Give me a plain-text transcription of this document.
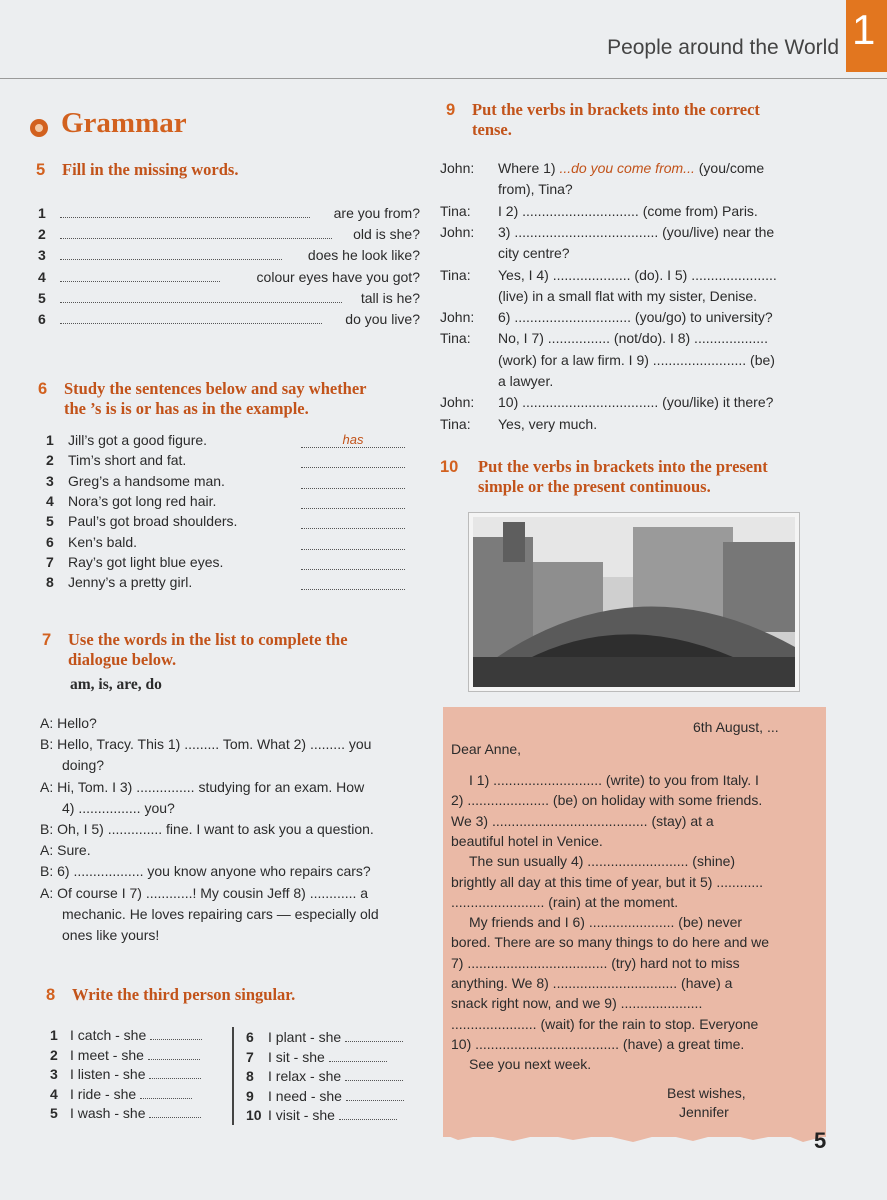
People around the World 1
Grammar
5 Fill in the missing words.
1	are you from?
2	old is she?
3	does he look like?
4	colour eyes have you got?
5	tall is he?
6	do you live?
6 Study the sentences below and say whether
the ’s is is or has as in the example.
1 Jill’s got a good figure.	has
2 Tim’s short and fat.
3 Greg’s a handsome man.
4 Nora’s got long red hair.
5 Paul’s got broad shoulders.
6 Ken’s bald.
7 Ray’s got light blue eyes.
8 Jenny’s a pretty girl.
7 Use the words in the list to complete the
dialogue below.
am, is, are, do
A: Hello?
B: Hello, Tracy. This 1) ......... Tom. What 2) ......... you
doing?
A: Hi, Tom. I 3) ............... studying for an exam. How
4) ................ you?
B: Oh, I 5) .............. fine. I want to ask you a question.
A: Sure.
B: 6) .................. you know anyone who repairs cars?
A: Of course I 7) ............! My cousin Jeff 8) ............ a
mechanic. He loves repairing cars — especially old
ones like yours!
8 Write the third person singular.
1 I catch - she
2 I meet - she
3 I listen - she
4 I ride - she
5 I wash - she
6 I plant - she
7 I sit - she
8 I relax - she
9 I need - she
10 I visit - she
9 Put the verbs in brackets into the correct
tense.
John: Where 1) ...do you come from... (you/come
from), Tina?
Tina: I 2) .............................. (come from) Paris.
John: 3) ..................................... (you/live) near the
city centre?
Tina: Yes, I 4) .................... (do). I 5) ......................
(live) in a small flat with my sister, Denise.
John: 6) .............................. (you/go) to university?
Tina: No, I 7) ................ (not/do). I 8) ...................
(work) for a law firm. I 9) ........................ (be)
a lawyer.
John: 10) ................................... (you/like) it there?
Tina: Yes, very much.
10 Put the verbs in brackets into the present
simple or the present continuous.
6th August, ...
Dear Anne,
I 1) ............................ (write) to you from Italy. I
2) ..................... (be) on holiday with some friends.
We 3) ........................................ (stay) at a
beautiful hotel in Venice.
The sun usually 4) .......................... (shine)
brightly all day at this time of year, but it 5) ............
........................ (rain) at the moment.
My friends and I 6) ...................... (be) never
bored. There are so many things to do here and we
7) .................................... (try) hard not to miss
anything. We 8) ................................ (have) a
snack right now, and we 9) .....................
...................... (wait) for the rain to stop. Everyone
10) ..................................... (have) a great time.
See you next week.
Best wishes,
Jennifer
5
